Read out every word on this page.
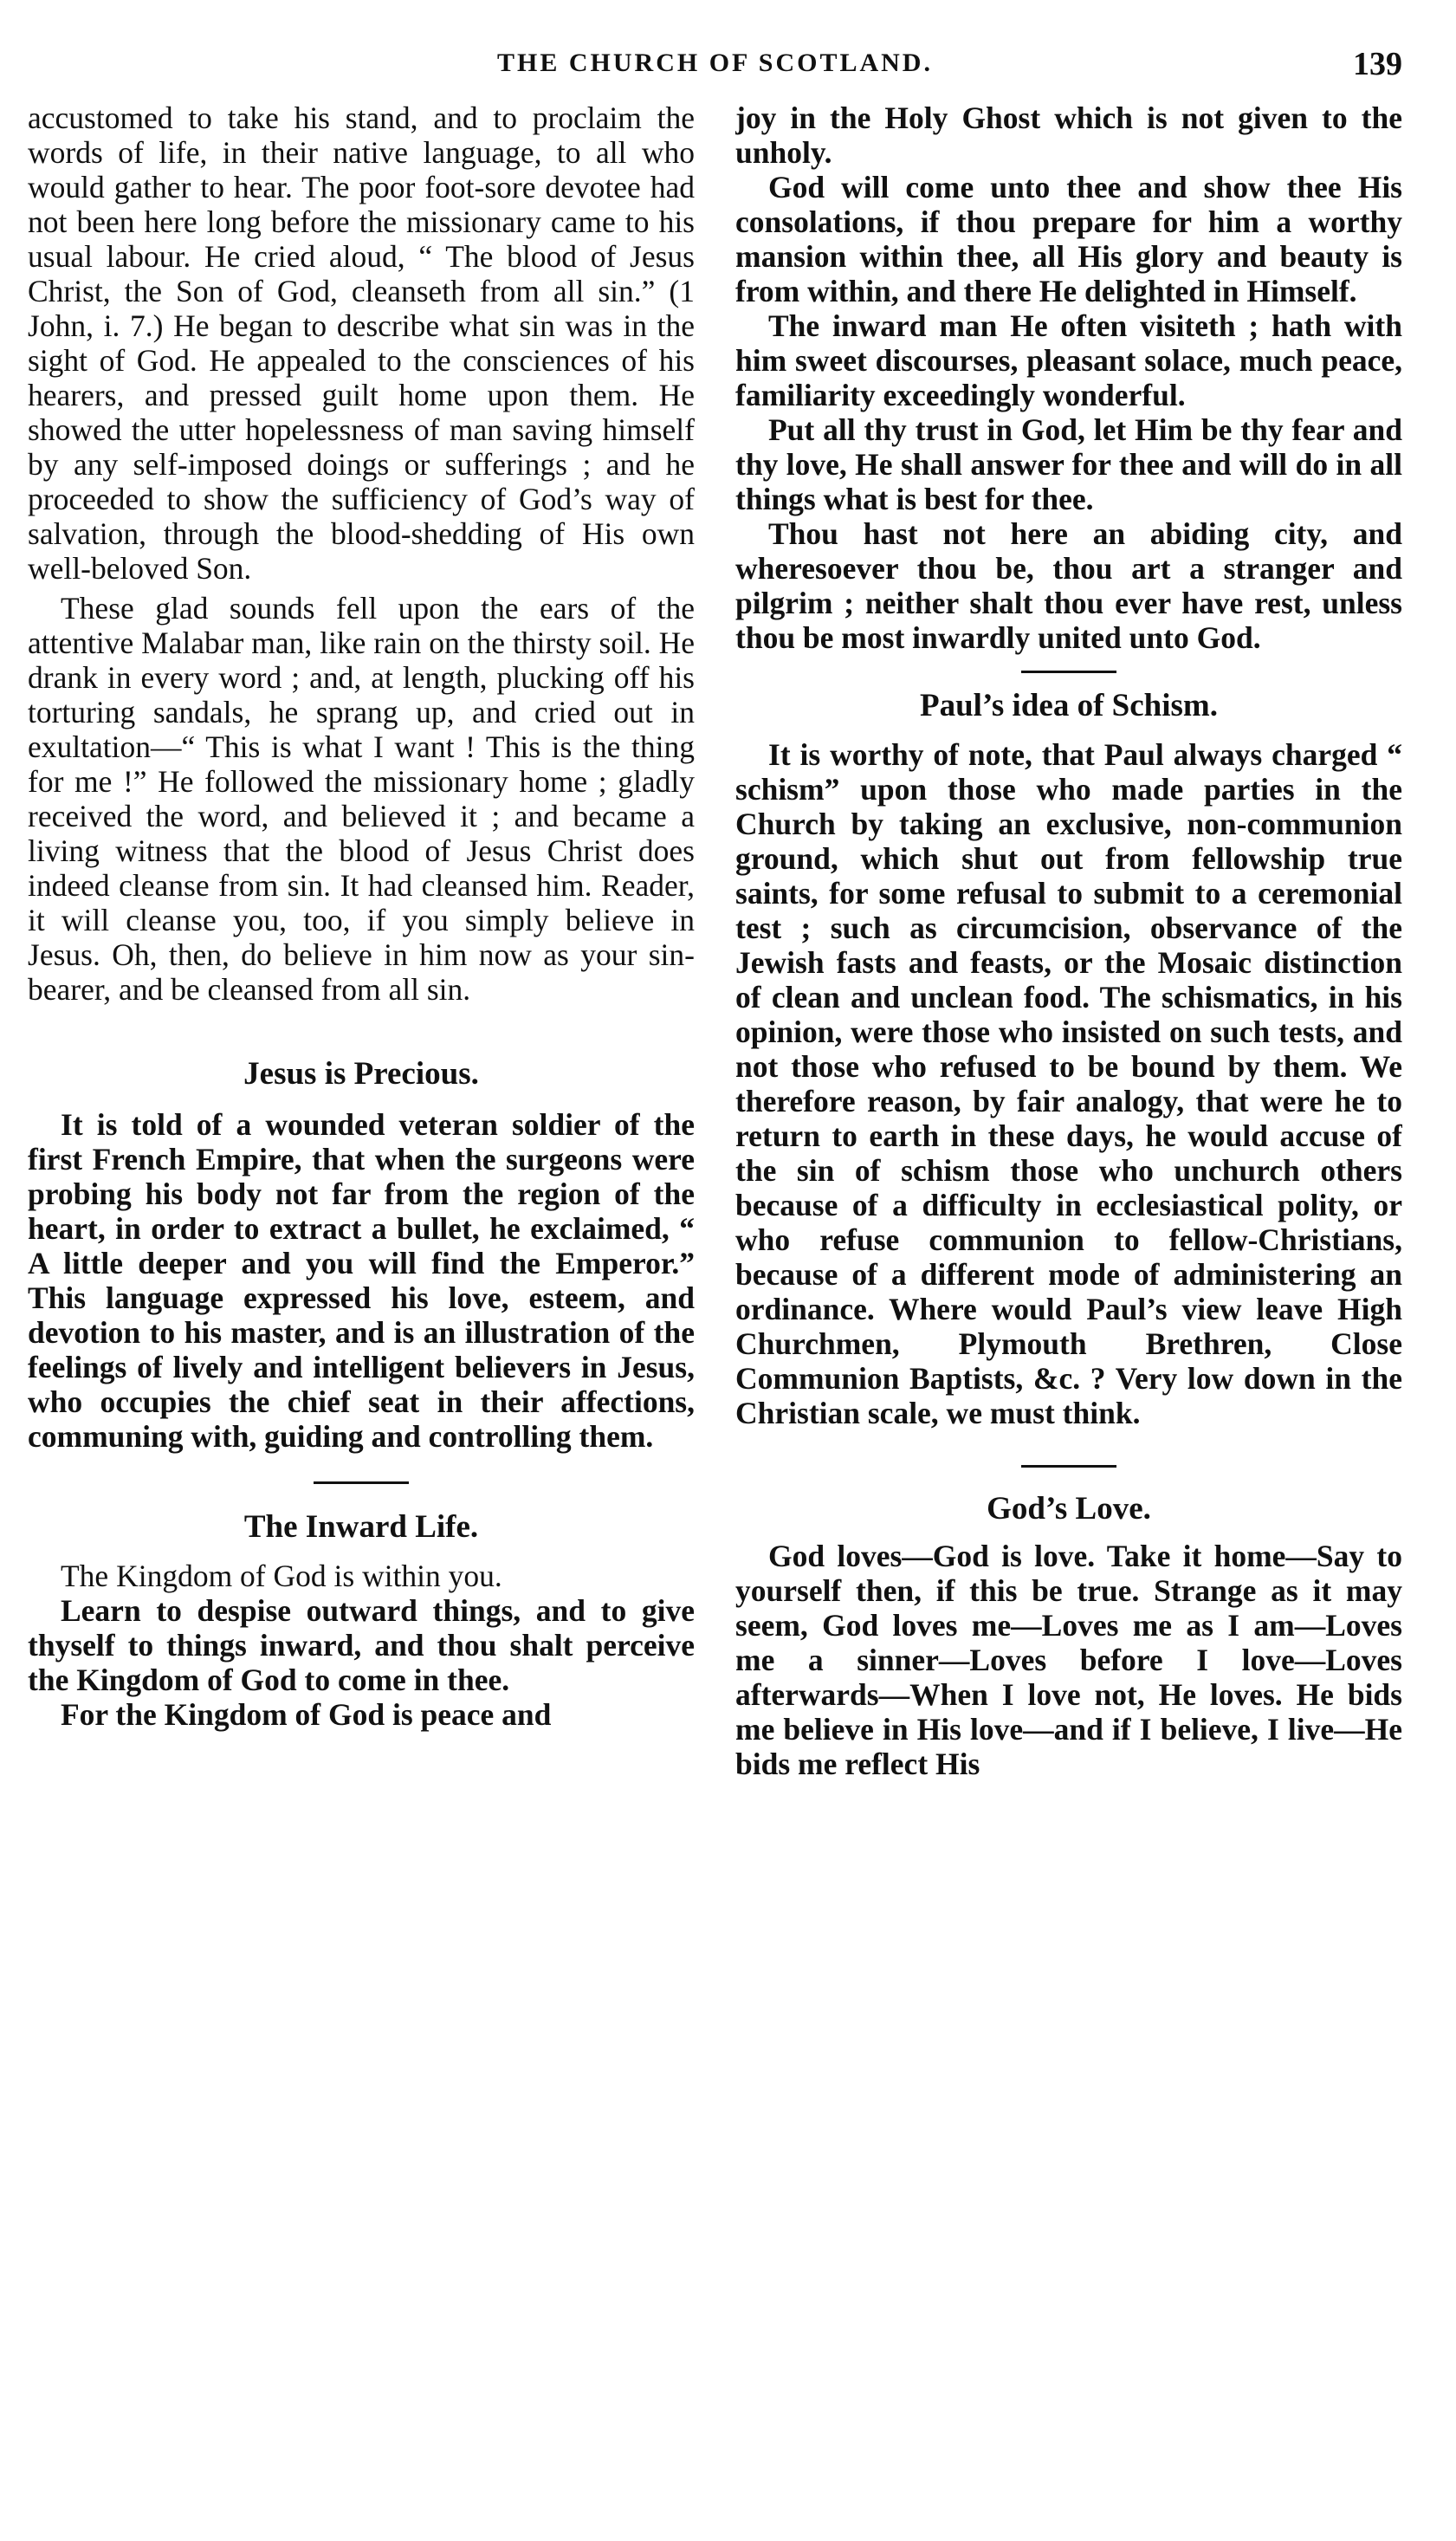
THE CHURCH OF SCOTLAND.	139

accustomed to take his stand, and to proclaim the words of life, in their native language, to all who would gather to hear. The poor foot-sore devotee had not been here long before the missionary came to his usual labour. He cried aloud, “ The blood of Jesus Christ, the Son of God, cleanseth from all sin.” (1 John, i. 7.) He began to describe what sin was in the sight of God. He appealed to the consciences of his hearers, and pressed guilt home upon them. He showed the utter hopelessness of man saving himself by any self-imposed doings or sufferings ; and he proceeded to show the sufficiency of God’s way of salvation, through the blood-shedding of His own well-beloved Son.

These glad sounds fell upon the ears of the attentive Malabar man, like rain on the thirsty soil. He drank in every word ; and, at length, plucking off his torturing sandals, he sprang up, and cried out in exultation—“ This is what I want ! This is the thing for me !” He followed the missionary home ; gladly received the word, and believed it ; and became a living witness that the blood of Jesus Christ does indeed cleanse from sin. It had cleansed him. Reader, it will cleanse you, too, if you simply believe in Jesus. Oh, then, do believe in him now as your sin-bearer, and be cleansed from all sin.

Jesus is Precious.

It is told of a wounded veteran soldier of the first French Empire, that when the surgeons were probing his body not far from the region of the heart, in order to extract a bullet, he exclaimed, “ A little deeper and you will find the Emperor.” This language expressed his love, esteem, and devotion to his master, and is an illustration of the feelings of lively and intelligent believers in Jesus, who occupies the chief seat in their affections, communing with, guiding and controlling them.

The Inward Life.

The Kingdom of God is within you.

Learn to despise outward things, and to give thyself to things inward, and thou shalt perceive the Kingdom of God to come in thee.

For the Kingdom of God is peace and

joy in the Holy Ghost which is not given to the unholy.

God will come unto thee and show thee His consolations, if thou prepare for him a worthy mansion within thee, all His glory and beauty is from within, and there He delighted in Himself.

The inward man He often visiteth ; hath with him sweet discourses, pleasant solace, much peace, familiarity exceedingly wonderful.

Put all thy trust in God, let Him be thy fear and thy love, He shall answer for thee and will do in all things what is best for thee.

Thou hast not here an abiding city, and wheresoever thou be, thou art a stranger and pilgrim ; neither shalt thou ever have rest, unless thou be most inwardly united unto God.

Paul’s idea of Schism.

It is worthy of note, that Paul always charged “ schism” upon those who made parties in the Church by taking an exclusive, non-communion ground, which shut out from fellowship true saints, for some refusal to submit to a ceremonial test ; such as circumcision, observance of the Jewish fasts and feasts, or the Mosaic distinction of clean and unclean food. The schismatics, in his opinion, were those who insisted on such tests, and not those who refused to be bound by them. We therefore reason, by fair analogy, that were he to return to earth in these days, he would accuse of the sin of schism those who unchurch others because of a difficulty in ecclesiastical polity, or who refuse communion to fellow-Christians, because of a different mode of administering an ordinance. Where would Paul’s view leave High Churchmen, Plymouth Brethren, Close Communion Baptists, &c. ? Very low down in the Christian scale, we must think.

God’s Love.

God loves—God is love. Take it home—Say to yourself then, if this be true. Strange as it may seem, God loves me—Loves me as I am—Loves me a sinner—Loves before I love—Loves afterwards—When I love not, He loves. He bids me believe in His love—and if I believe, I live—He bids me reflect His
